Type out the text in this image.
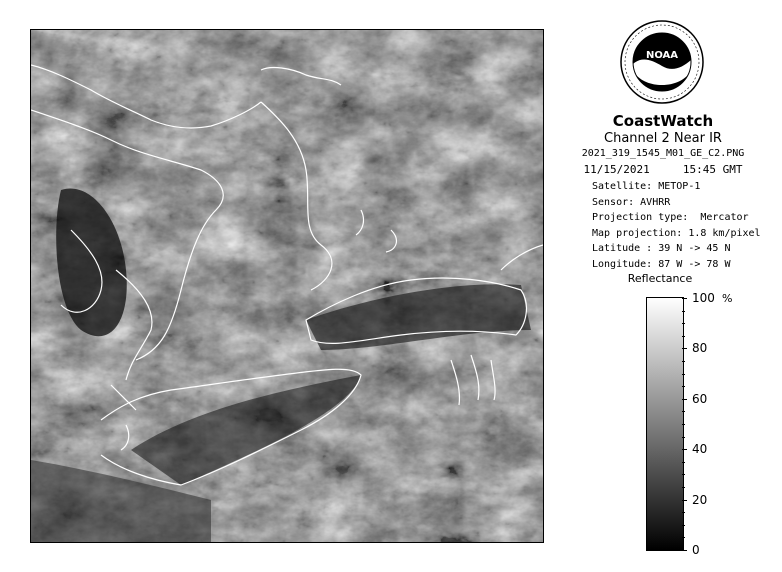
NOAA
CoastWatch
Channel 2 Near IR
2021_319_1545_M01_GE_C2.PNG
11/15/2021     15:45 GMT
Satellite: METOP-1
Sensor: AVHRR
Projection type:  Mercator
Map projection: 1.8 km/pixel
Latitude : 39 N -> 45 N
Longitude: 87 W -> 78 W
Reflectance
%
100
80
60
40
20
0
